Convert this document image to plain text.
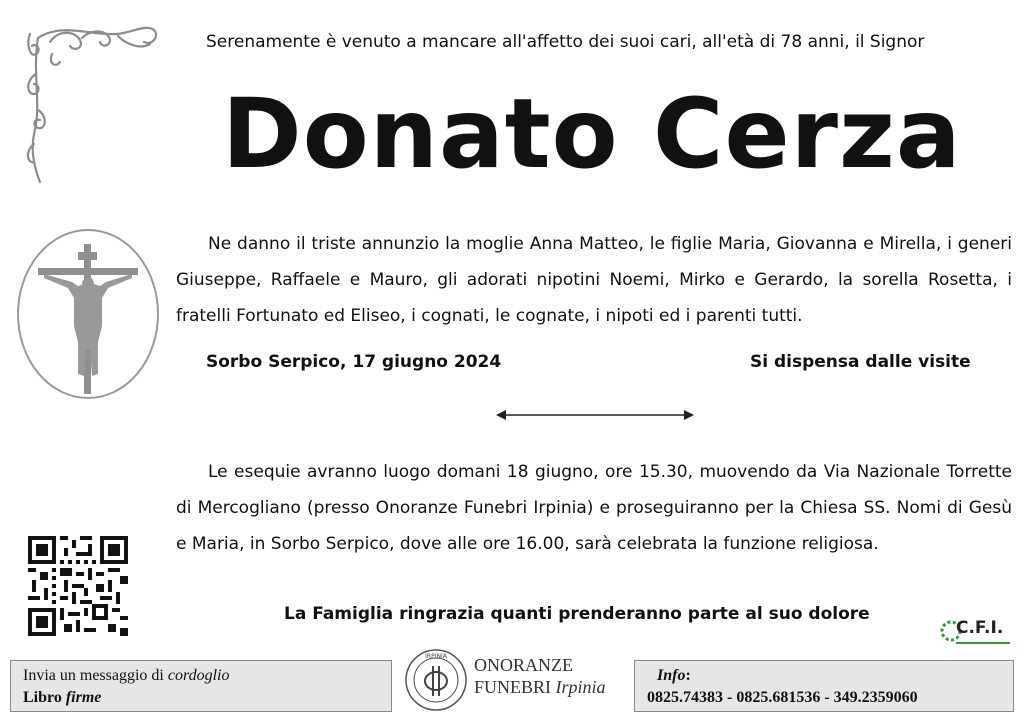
Serenamente è venuto a mancare all'affetto dei suoi cari, all'età di 78 anni, il Signor
Donato Cerza
Ne danno il triste annunzio la moglie Anna Matteo, le figlie Maria, Giovanna e Mirella, i generi Giuseppe, Raffaele e Mauro, gli adorati nipotini Noemi, Mirko e Gerardo, la sorella Rosetta, i fratelli Fortunato ed Eliseo, i cognati, le cognate, i nipoti ed i parenti tutti.
Sorbo Serpico, 17 giugno 2024	Si dispensa dalle visite
Le esequie avranno luogo domani 18 giugno, ore 15.30, muovendo da Via Nazionale Torrette di Mercogliano (presso Onoranze Funebri Irpinia) e proseguiranno per la Chiesa SS. Nomi di Gesù e Maria, in Sorbo Serpico, dove alle ore 16.00, sarà celebrata la funzione religiosa.
La Famiglia ringrazia quanti prenderanno parte al suo dolore
C.F.I.
Invia un messaggio di cordoglio
Libro firme
IRPINIA ONORANZE
FUNEBRI Irpinia
Info:
0825.74383 - 0825.681536 - 349.2359060
